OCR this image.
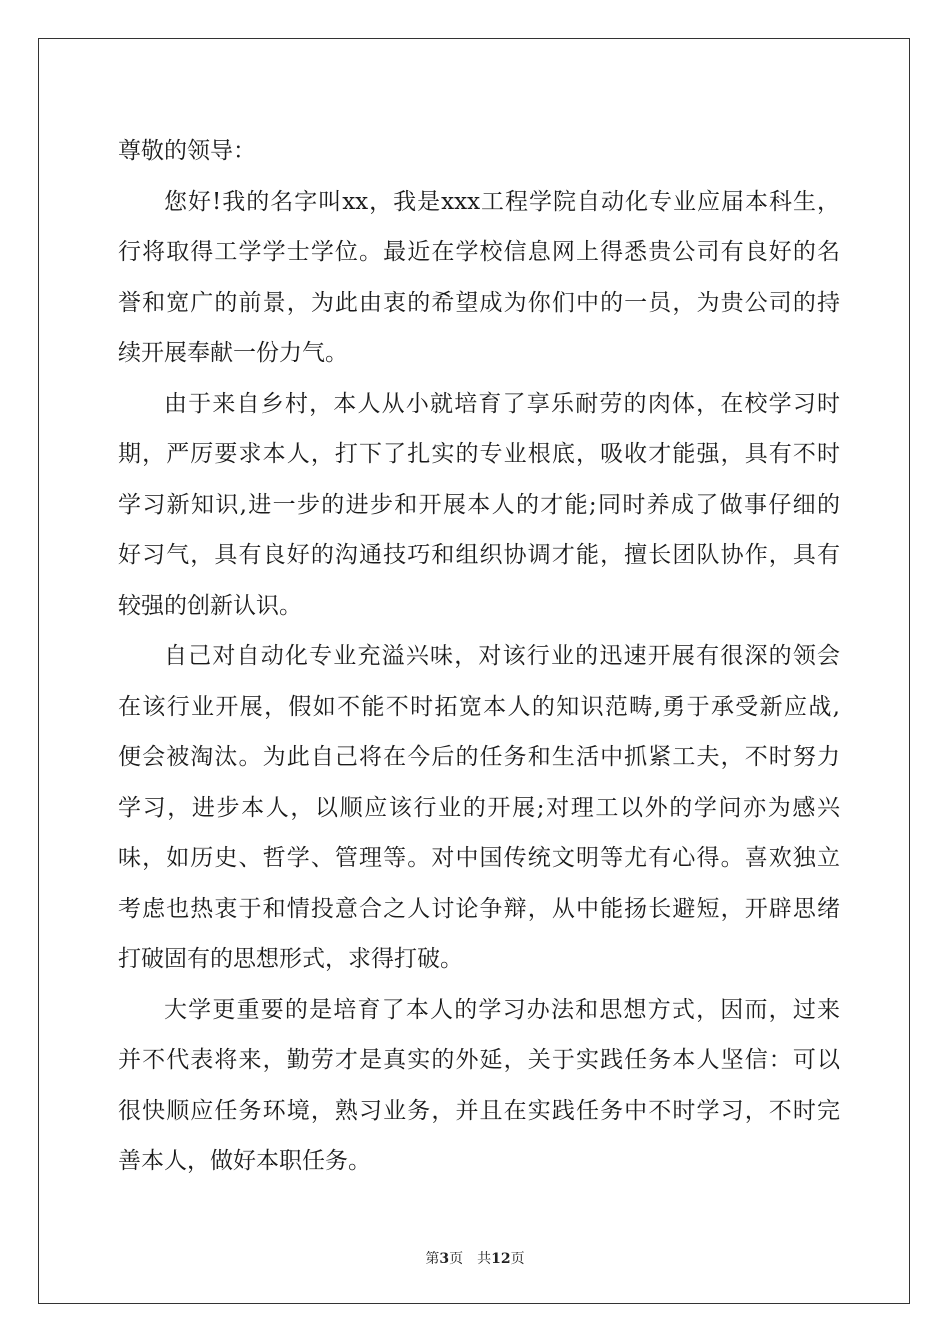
尊敬的领导：

您好!我的名字叫xx，我是xxx工程学院自动化专业应届本科生，
行将取得工学学士学位。最近在学校信息网上得悉贵公司有良好的名
誉和宽广的前景，为此由衷的希望成为你们中的一员，为贵公司的持
续开展奉献一份力气。

由于来自乡村，本人从小就培育了享乐耐劳的肉体，在校学习时
期，严厉要求本人，打下了扎实的专业根底，吸收才能强，具有不时
学习新知识,进一步的进步和开展本人的才能;同时养成了做事仔细的
好习气，具有良好的沟通技巧和组织协调才能，擅长团队协作，具有
较强的创新认识。

自己对自动化专业充溢兴味，对该行业的迅速开展有很深的领会
在该行业开展，假如不能不时拓宽本人的知识范畴,勇于承受新应战,
便会被淘汰。为此自己将在今后的任务和生活中抓紧工夫，不时努力
学习，进步本人，以顺应该行业的开展;对理工以外的学问亦为感兴
味，如历史、哲学、管理等。对中国传统文明等尤有心得。喜欢独立
考虑也热衷于和情投意合之人讨论争辩，从中能扬长避短，开辟思绪
打破固有的思想形式，求得打破。

大学更重要的是培育了本人的学习办法和思想方式，因而，过来
并不代表将来，勤劳才是真实的外延，关于实践任务本人坚信：可以
很快顺应任务环境，熟习业务，并且在实践任务中不时学习，不时完
善本人，做好本职任务。

第3页　共12页
